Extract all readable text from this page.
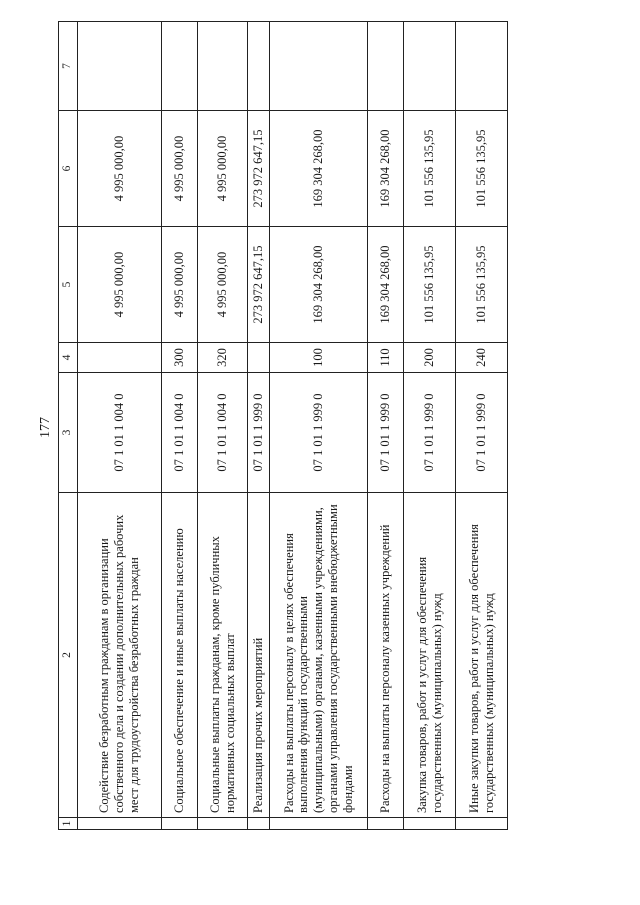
177
1	2	3	4	5	6	7
	Содействие безработным гражданам в организации собственного дела и создании дополнительных рабочих мест для трудоустройства безработных граждан	07 1 01 1 004 0		4 995 000,00	4 995 000,00	
	Социальное обеспечение и иные выплаты населению	07 1 01 1 004 0	300	4 995 000,00	4 995 000,00	
	Социальные выплаты гражданам, кроме публичных нормативных социальных выплат	07 1 01 1 004 0	320	4 995 000,00	4 995 000,00	
	Реализация прочих мероприятий	07 1 01 1 999 0		273 972 647,15	273 972 647,15	
	Расходы на выплаты персоналу в целях обеспечения выполнения функций государственными (муниципальными) органами, казенными учреждениями, органами управления государственными внебюджетными фондами	07 1 01 1 999 0	100	169 304 268,00	169 304 268,00	
	Расходы на выплаты персоналу казенных учреждений	07 1 01 1 999 0	110	169 304 268,00	169 304 268,00	
	Закупка товаров, работ и услуг для обеспечения государственных (муниципальных) нужд	07 1 01 1 999 0	200	101 556 135,95	101 556 135,95	
	Иные закупки товаров, работ и услуг для обеспечения государственных (муниципальных) нужд	07 1 01 1 999 0	240	101 556 135,95	101 556 135,95	
